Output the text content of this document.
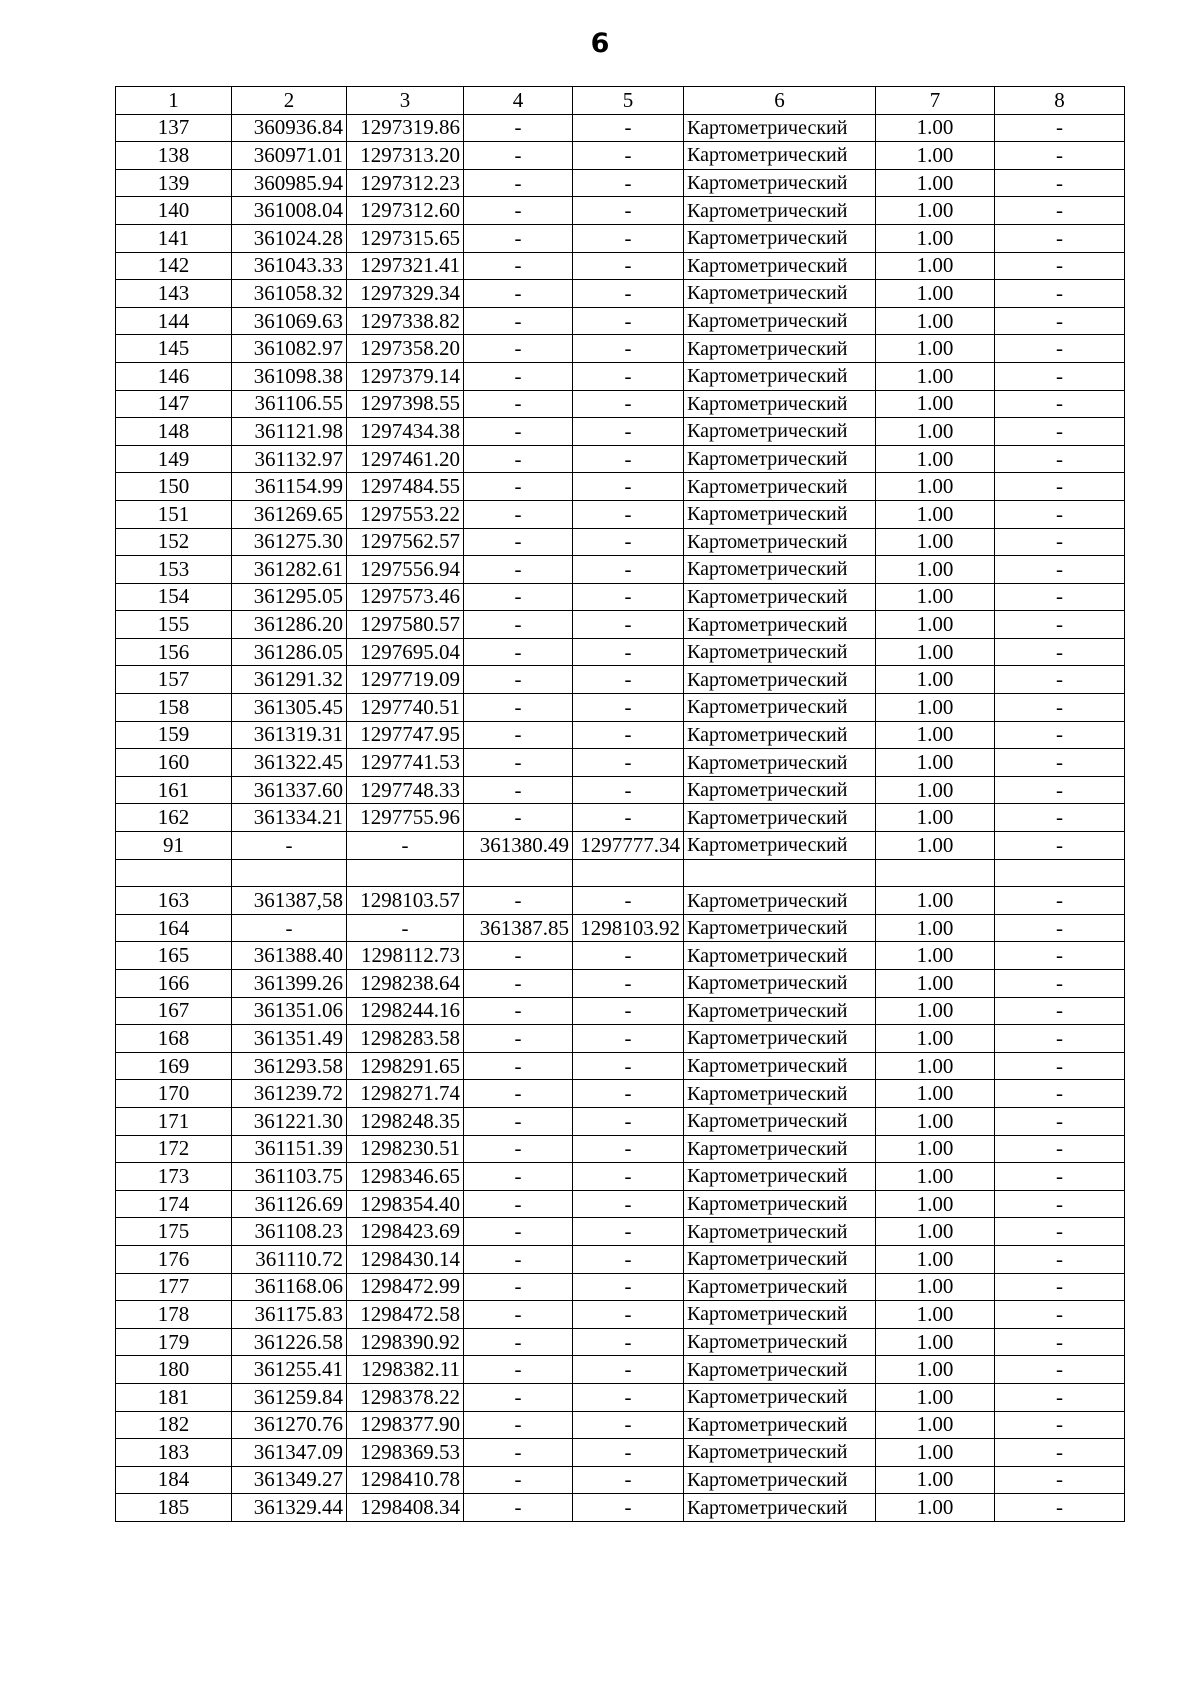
6
1	2	3	4	5	6	7	8
137	360936.84	1297319.86	-	-	Картометрический	1.00	-
138	360971.01	1297313.20	-	-	Картометрический	1.00	-
139	360985.94	1297312.23	-	-	Картометрический	1.00	-
140	361008.04	1297312.60	-	-	Картометрический	1.00	-
141	361024.28	1297315.65	-	-	Картометрический	1.00	-
142	361043.33	1297321.41	-	-	Картометрический	1.00	-
143	361058.32	1297329.34	-	-	Картометрический	1.00	-
144	361069.63	1297338.82	-	-	Картометрический	1.00	-
145	361082.97	1297358.20	-	-	Картометрический	1.00	-
146	361098.38	1297379.14	-	-	Картометрический	1.00	-
147	361106.55	1297398.55	-	-	Картометрический	1.00	-
148	361121.98	1297434.38	-	-	Картометрический	1.00	-
149	361132.97	1297461.20	-	-	Картометрический	1.00	-
150	361154.99	1297484.55	-	-	Картометрический	1.00	-
151	361269.65	1297553.22	-	-	Картометрический	1.00	-
152	361275.30	1297562.57	-	-	Картометрический	1.00	-
153	361282.61	1297556.94	-	-	Картометрический	1.00	-
154	361295.05	1297573.46	-	-	Картометрический	1.00	-
155	361286.20	1297580.57	-	-	Картометрический	1.00	-
156	361286.05	1297695.04	-	-	Картометрический	1.00	-
157	361291.32	1297719.09	-	-	Картометрический	1.00	-
158	361305.45	1297740.51	-	-	Картометрический	1.00	-
159	361319.31	1297747.95	-	-	Картометрический	1.00	-
160	361322.45	1297741.53	-	-	Картометрический	1.00	-
161	361337.60	1297748.33	-	-	Картометрический	1.00	-
162	361334.21	1297755.96	-	-	Картометрический	1.00	-
91	-	-	361380.49	1297777.34	Картометрический	1.00	-

163	361387,58	1298103.57	-	-	Картометрический	1.00	-
164	-	-	361387.85	1298103.92	Картометрический	1.00	-
165	361388.40	1298112.73	-	-	Картометрический	1.00	-
166	361399.26	1298238.64	-	-	Картометрический	1.00	-
167	361351.06	1298244.16	-	-	Картометрический	1.00	-
168	361351.49	1298283.58	-	-	Картометрический	1.00	-
169	361293.58	1298291.65	-	-	Картометрический	1.00	-
170	361239.72	1298271.74	-	-	Картометрический	1.00	-
171	361221.30	1298248.35	-	-	Картометрический	1.00	-
172	361151.39	1298230.51	-	-	Картометрический	1.00	-
173	361103.75	1298346.65	-	-	Картометрический	1.00	-
174	361126.69	1298354.40	-	-	Картометрический	1.00	-
175	361108.23	1298423.69	-	-	Картометрический	1.00	-
176	361110.72	1298430.14	-	-	Картометрический	1.00	-
177	361168.06	1298472.99	-	-	Картометрический	1.00	-
178	361175.83	1298472.58	-	-	Картометрический	1.00	-
179	361226.58	1298390.92	-	-	Картометрический	1.00	-
180	361255.41	1298382.11	-	-	Картометрический	1.00	-
181	361259.84	1298378.22	-	-	Картометрический	1.00	-
182	361270.76	1298377.90	-	-	Картометрический	1.00	-
183	361347.09	1298369.53	-	-	Картометрический	1.00	-
184	361349.27	1298410.78	-	-	Картометрический	1.00	-
185	361329.44	1298408.34	-	-	Картометрический	1.00	-
